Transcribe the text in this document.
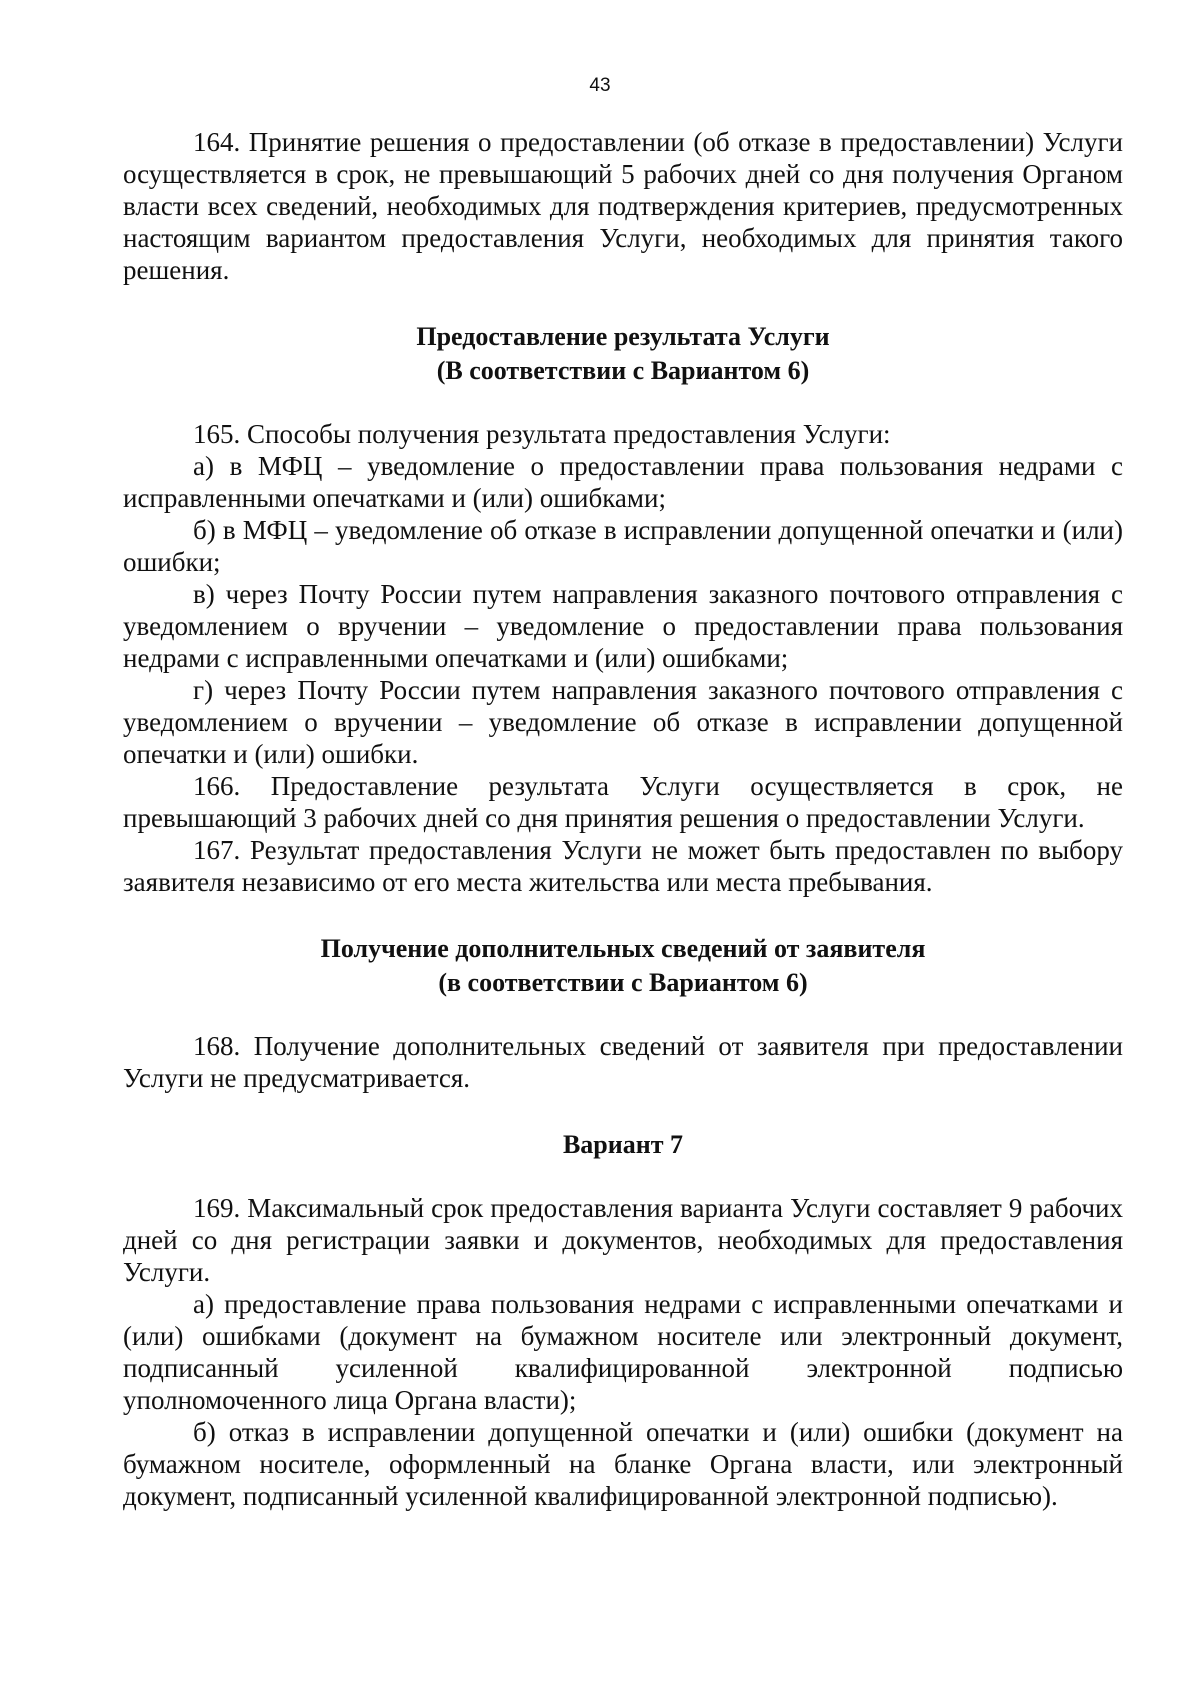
43

164. Принятие решения о предоставлении (об отказе в предоставлении) Услуги осуществляется в срок, не превышающий 5 рабочих дней со дня получения Органом власти всех сведений, необходимых для подтверждения критериев, предусмотренных настоящим вариантом предоставления Услуги, необходимых для принятия такого решения.

Предоставление результата Услуги
(В соответствии с Вариантом 6)

165. Способы получения результата предоставления Услуги:

а) в МФЦ – уведомление о предоставлении права пользования недрами с исправленными опечатками и (или) ошибками;

б) в МФЦ – уведомление об отказе в исправлении допущенной опечатки и (или) ошибки;

в) через Почту России путем направления заказного почтового отправления с уведомлением о вручении – уведомление о предоставлении права пользования недрами с исправленными опечатками и (или) ошибками;

г) через Почту России путем направления заказного почтового отправления с уведомлением о вручении – уведомление об отказе в исправлении допущенной опечатки и (или) ошибки.

166. Предоставление результата Услуги осуществляется в срок, не превышающий 3 рабочих дней со дня принятия решения о предоставлении Услуги.

167. Результат предоставления Услуги не может быть предоставлен по выбору заявителя независимо от его места жительства или места пребывания.

Получение дополнительных сведений от заявителя
(в соответствии с Вариантом 6)

168. Получение дополнительных сведений от заявителя при предоставлении Услуги не предусматривается.

Вариант 7

169. Максимальный срок предоставления варианта Услуги составляет 9 рабочих дней со дня регистрации заявки и документов, необходимых для предоставления Услуги.

а) предоставление права пользования недрами с исправленными опечатками и (или) ошибками (документ на бумажном носителе или электронный документ, подписанный усиленной квалифицированной электронной подписью уполномоченного лица Органа власти);

б) отказ в исправлении допущенной опечатки и (или) ошибки (документ на бумажном носителе, оформленный на бланке Органа власти, или электронный документ, подписанный усиленной квалифицированной электронной подписью).
